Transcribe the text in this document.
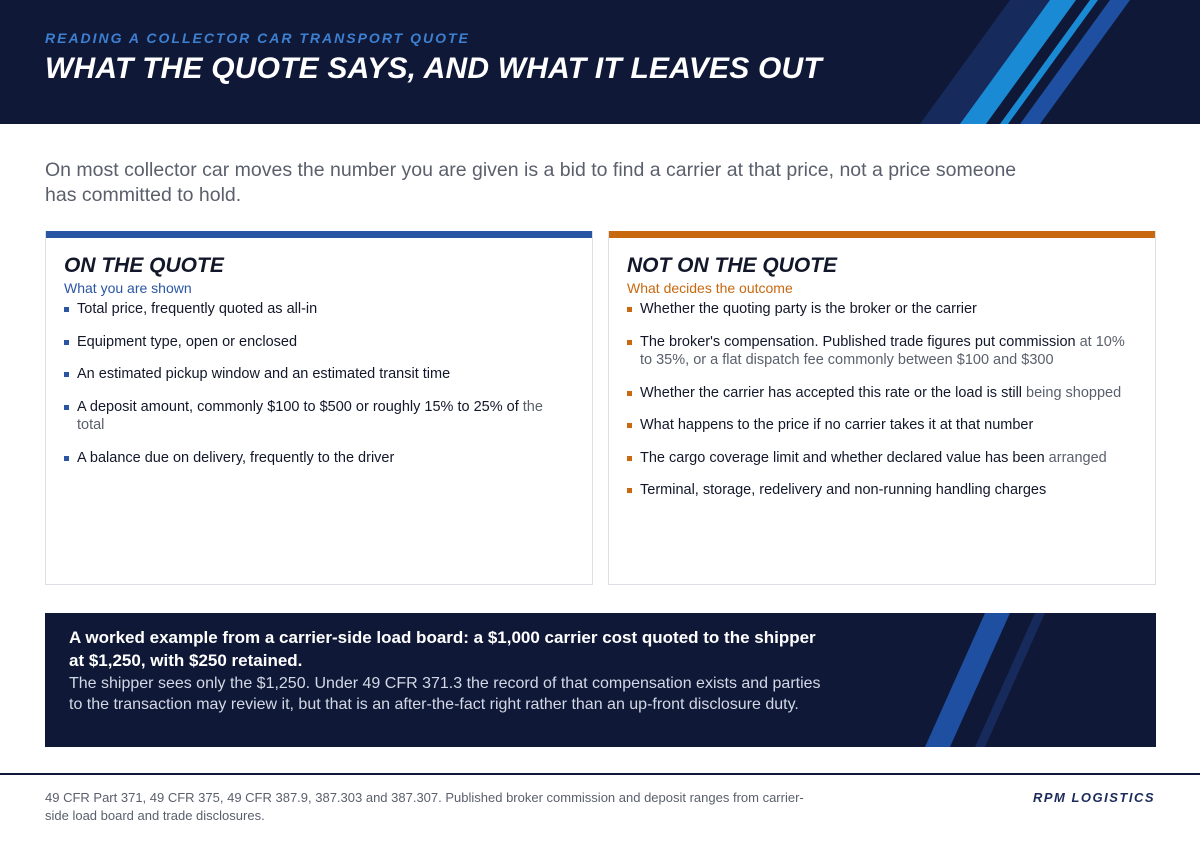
READING A COLLECTOR CAR TRANSPORT QUOTE
WHAT THE QUOTE SAYS, AND WHAT IT LEAVES OUT

On most collector car moves the number you are given is a bid to find a carrier at that price, not a price someone has committed to hold.

ON THE QUOTE
What you are shown
Total price, frequently quoted as all-in
Equipment type, open or enclosed
An estimated pickup window and an estimated transit time
A deposit amount, commonly $100 to $500 or roughly 15% to 25% of the total
A balance due on delivery, frequently to the driver
NOT ON THE QUOTE
What decides the outcome
Whether the quoting party is the broker or the carrier
The broker's compensation. Published trade figures put commission at 10% to 35%, or a flat dispatch fee commonly between $100 and $300
Whether the carrier has accepted this rate or the load is still being shopped
What happens to the price if no carrier takes it at that number
The cargo coverage limit and whether declared value has been arranged
Terminal, storage, redelivery and non-running handling charges
A worked example from a carrier-side load board: a $1,000 carrier cost quoted to the shipper at $1,250, with $250 retained.
The shipper sees only the $1,250. Under 49 CFR 371.3 the record of that compensation exists and parties to the transaction may review it, but that is an after-the-fact right rather than an up-front disclosure duty.
49 CFR Part 371, 49 CFR 375, 49 CFR 387.9, 387.303 and 387.307. Published broker commission and deposit ranges from carrier-side load board and trade disclosures.
RPM LOGISTICS
